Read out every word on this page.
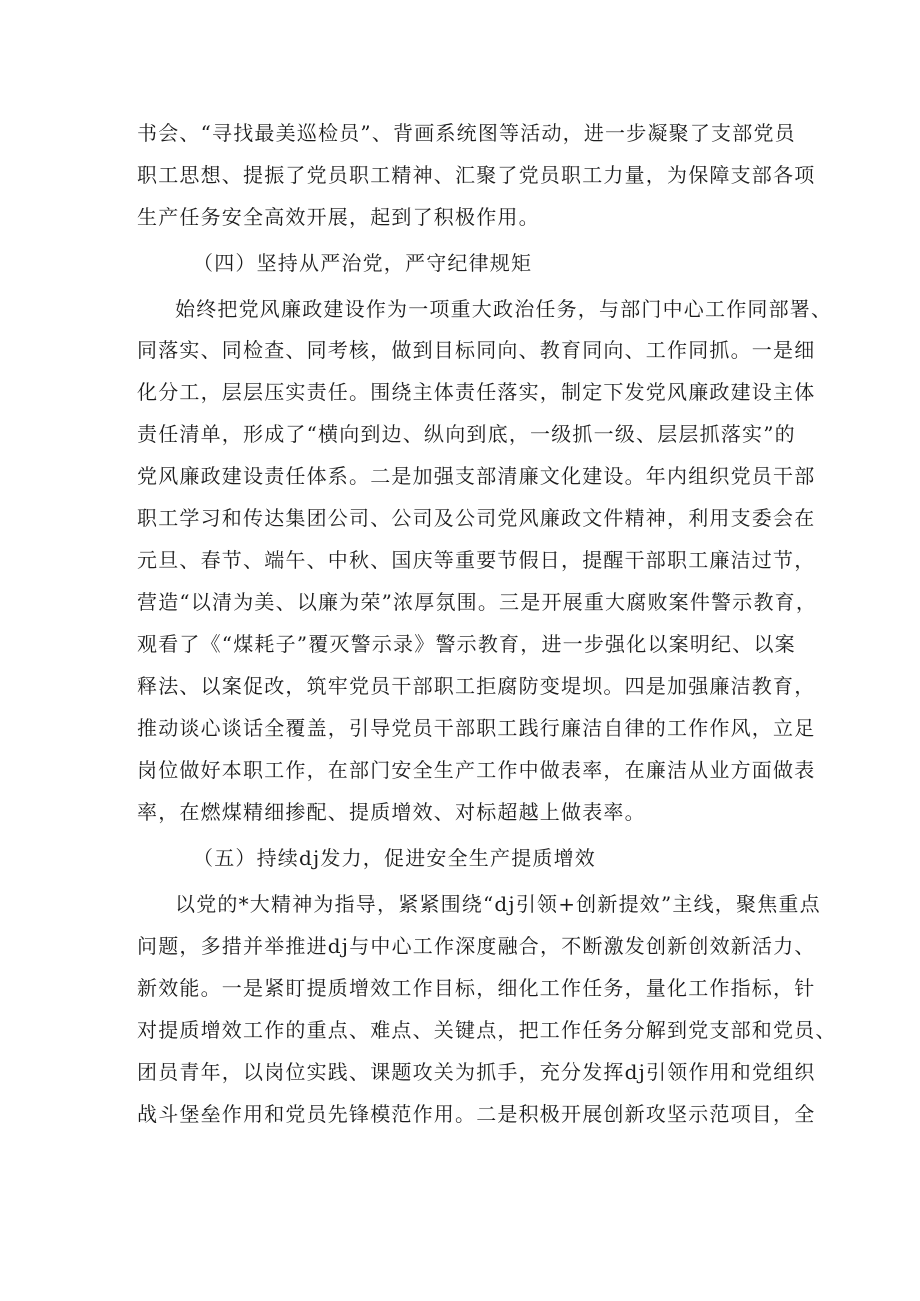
书会、“寻找最美巡检员”、背画系统图等活动，进一步凝聚了支部党员
职工思想、提振了党员职工精神、汇聚了党员职工力量，为保障支部各项
生产任务安全高效开展，起到了积极作用。
（四）坚持从严治党，严守纪律规矩
始终把党风廉政建设作为一项重大政治任务，与部门中心工作同部署、
同落实、同检查、同考核，做到目标同向、教育同向、工作同抓。一是细
化分工，层层压实责任。围绕主体责任落实，制定下发党风廉政建设主体
责任清单，形成了“横向到边、纵向到底，一级抓一级、层层抓落实”的
党风廉政建设责任体系。二是加强支部清廉文化建设。年内组织党员干部
职工学习和传达集团公司、公司及公司党风廉政文件精神，利用支委会在
元旦、春节、端午、中秋、国庆等重要节假日，提醒干部职工廉洁过节，
营造“以清为美、以廉为荣”浓厚氛围。三是开展重大腐败案件警示教育，
观看了《“煤耗子”覆灭警示录》警示教育，进一步强化以案明纪、以案
释法、以案促改，筑牢党员干部职工拒腐防变堤坝。四是加强廉洁教育，
推动谈心谈话全覆盖，引导党员干部职工践行廉洁自律的工作作风，立足
岗位做好本职工作，在部门安全生产工作中做表率，在廉洁从业方面做表
率，在燃煤精细掺配、提质增效、对标超越上做表率。
（五）持续dj发力，促进安全生产提质增效
以党的*大精神为指导，紧紧围绕“dj引领+创新提效”主线，聚焦重点
问题，多措并举推进dj与中心工作深度融合，不断激发创新创效新活力、
新效能。一是紧盯提质增效工作目标，细化工作任务，量化工作指标，针
对提质增效工作的重点、难点、关键点，把工作任务分解到党支部和党员、
团员青年，以岗位实践、课题攻关为抓手，充分发挥dj引领作用和党组织
战斗堡垒作用和党员先锋模范作用。二是积极开展创新攻坚示范项目，全
